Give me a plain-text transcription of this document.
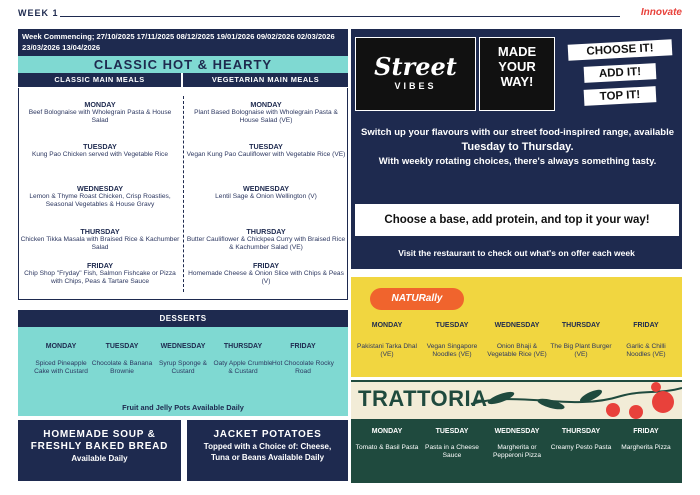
WEEK 1	Innovate
Week Commencing; 27/10/2025 17/11/2025 08/12/2025 19/01/2026 09/02/2026 02/03/2026 23/03/2026 13/04/2026
CLASSIC HOT & HEARTY
CLASSIC MAIN MEALS	VEGETARIAN MAIN MEALS
MONDAY
Beef Bolognaise with Wholegrain Pasta & House Salad
TUESDAY
Kung Pao Chicken served with Vegetable Rice
WEDNESDAY
Lemon & Thyme Roast Chicken, Crisp Roasties, Seasonal Vegetables & House Gravy
THURSDAY
Chicken Tikka Masala with Braised Rice & Kachumber Salad
FRIDAY
Chip Shop "Fryday" Fish, Salmon Fishcake or Pizza with Chips, Peas & Tartare Sauce
MONDAY
Plant Based Bolognaise with Wholegrain Pasta & House Salad (VE)
TUESDAY
Vegan Kung Pao Cauliflower with Vegetable Rice (VE)
WEDNESDAY
Lentil Sage & Onion Wellington (V)
THURSDAY
Butter Cauliflower & Chickpea Curry with Braised Rice & Kachumber Salad (VE)
FRIDAY
Homemade Cheese & Onion Slice with Chips & Peas (V)
DESSERTS
MONDAY
Spiced Pineapple Cake with Custard
TUESDAY
Chocolate & Banana Brownie
WEDNESDAY
Syrup Sponge & Custard
THURSDAY
Oaty Apple Crumble & Custard
FRIDAY
Hot Chocolate Rocky Road
Fruit and Jelly Pots Available Daily
HOMEMADE SOUP &
FRESHLY BAKED BREAD
Available Daily
JACKET POTATOES
Topped with a Choice of: Cheese,
Tuna or Beans Available Daily
Street
VIBES
MADE
YOUR
WAY!
CHOOSE IT!
ADD IT!
TOP IT!
Switch up your flavours with our street food-inspired range, available Tuesday to Thursday.
With weekly rotating choices, there's always something tasty.
Choose a base, add protein, and top it your way!
Visit the restaurant to check out what's on offer each week
NATURally
MONDAY
Pakistani Tarka Dhal (VE)
TUESDAY
Vegan Singapore Noodles (VE)
WEDNESDAY
Onion Bhaji & Vegetable Rice (VE)
THURSDAY
The Big Plant Burger (VE)
FRIDAY
Garlic & Chilli Noodles (VE)
TRATTORIA
MONDAY
Tomato & Basil Pasta
TUESDAY
Pasta in a Cheese Sauce
WEDNESDAY
Margherita or Pepperoni Pizza
THURSDAY
Creamy Pesto Pasta
FRIDAY
Margherita Pizza
